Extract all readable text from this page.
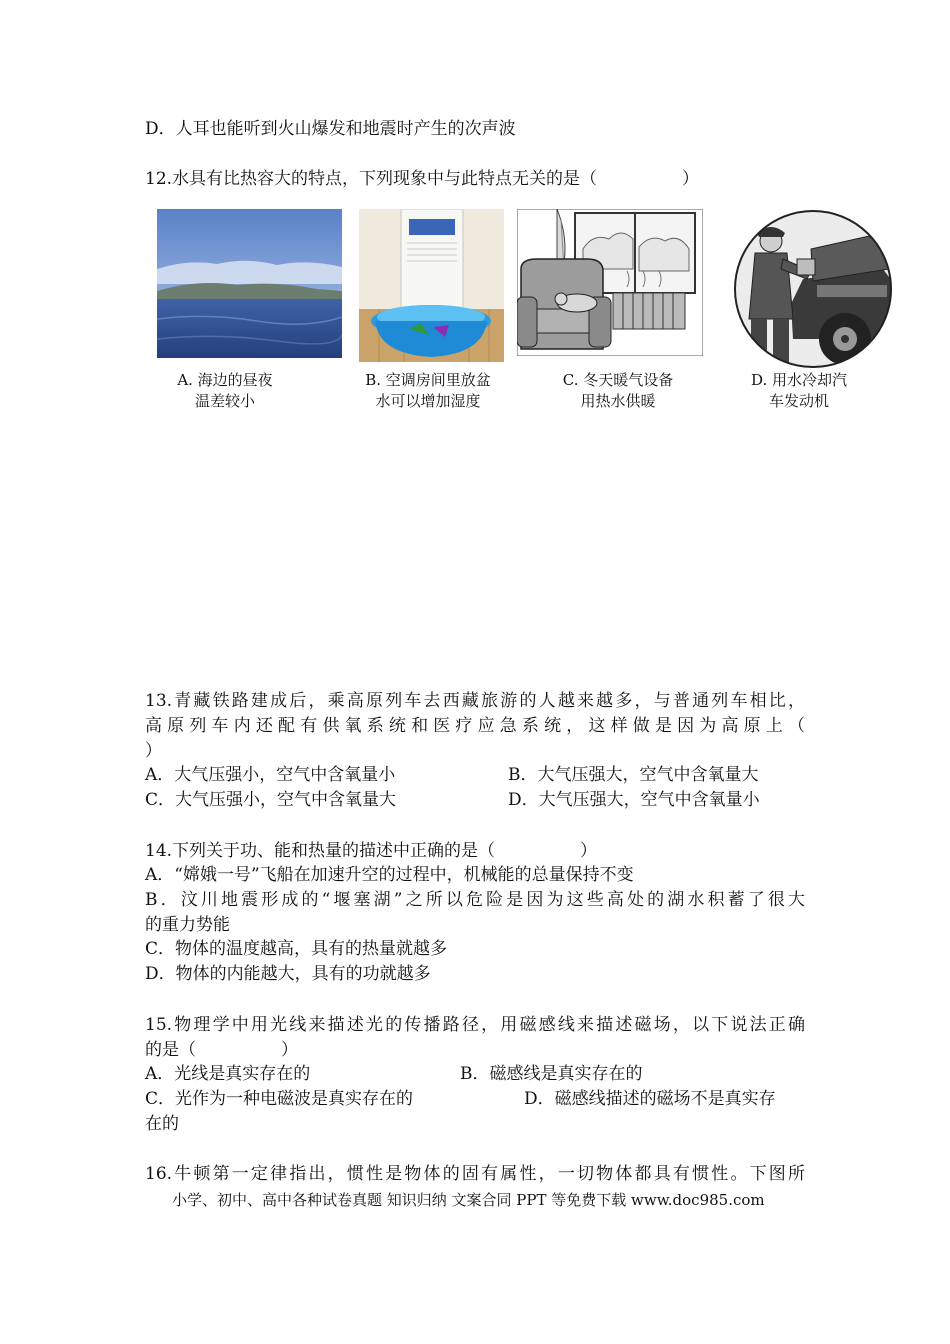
D．人耳也能听到火山爆发和地震时产生的次声波
12.水具有比热容大的特点，下列现象中与此特点无关的是（　　　　　）
A. 海边的昼夜
温差较小
B. 空调房间里放盆
水可以增加湿度
C. 冬天暖气设备
用热水供暖
D. 用水冷却汽
车发动机
13.青藏铁路建成后，乘高原列车去西藏旅游的人越来越多，与普通列车相比，
高原列车内还配有供氧系统和医疗应急系统，这样做是因为高原上（
）
A．大气压强小，空气中含氧量小	B．大气压强大，空气中含氧量大
C．大气压强小，空气中含氧量大	D．大气压强大，空气中含氧量小
14.下列关于功、能和热量的描述中正确的是（　　　　　）
A．“嫦娥一号”飞船在加速升空的过程中，机械能的总量保持不变
B．汶川地震形成的“堰塞湖”之所以危险是因为这些高处的湖水积蓄了很大
的重力势能
C．物体的温度越高，具有的热量就越多
D．物体的内能越大，具有的功就越多
15.物理学中用光线来描述光的传播路径，用磁感线来描述磁场，以下说法正确
的是（　　　　　）
A．光线是真实存在的	B．磁感线是真实存在的
C．光作为一种电磁波是真实存在的	D．磁感线描述的磁场不是真实存
在的
16.牛顿第一定律指出，惯性是物体的固有属性，一切物体都具有惯性。下图所
小学、初中、高中各种试卷真题 知识归纳 文案合同 PPT 等免费下载 www.doc985.com
